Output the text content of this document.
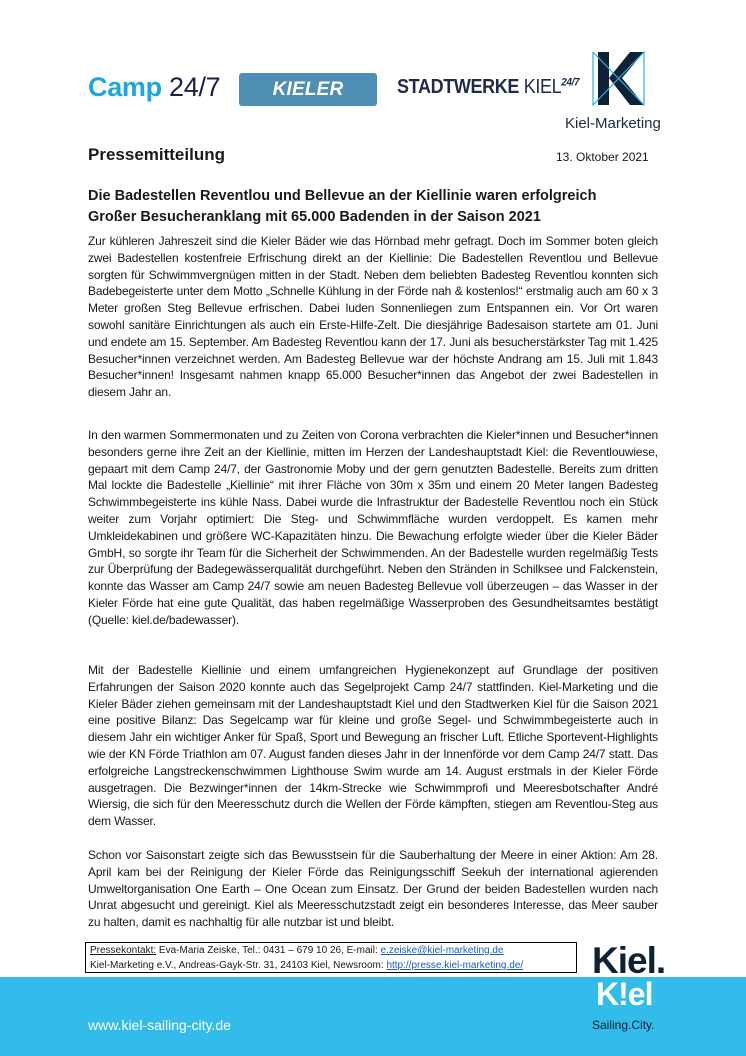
Camp 24/7	KIELER BÄDER
STADTWERKE $KIEL^{24/7}$
Kiel-Marketing
Pressemitteilung	13. Oktober 2021
Die Badestellen Reventlou und Bellevue an der Kiellinie waren erfolgreich
Großer Besucheranklang mit 65.000 Badenden in der Saison 2021

Zur kühleren Jahreszeit sind die Kieler Bäder wie das Hörnbad mehr gefragt. Doch im Sommer boten gleich zwei Badestellen kostenfreie Erfrischung direkt an der Kiellinie: Die Badestellen Reventlou und Bellevue sorgten für Schwimmvergnügen mitten in der Stadt. Neben dem beliebten Badesteg Reventlou konnten sich Badebegeisterte unter dem Motto „Schnelle Kühlung in der Förde nah & kostenlos!“ erstmalig auch am 60 x 3 Meter großen Steg Bellevue erfrischen. Dabei luden Sonnenliegen zum Entspannen ein. Vor Ort waren sowohl sanitäre Einrichtungen als auch ein Erste-Hilfe-Zelt. Die diesjährige Badesaison startete am 01. Juni und endete am 15. September. Am Badesteg Reventlou kann der 17. Juni als besucherstärkster Tag mit 1.425 Besucher*innen verzeichnet werden. Am Badesteg Bellevue war der höchste Andrang am 15. Juli mit 1.843 Besucher*innen! Insgesamt nahmen knapp 65.000 Besucher*innen das Angebot der zwei Badestellen in diesem Jahr an.

In den warmen Sommermonaten und zu Zeiten von Corona verbrachten die Kieler*innen und Besucher*innen besonders gerne ihre Zeit an der Kiellinie, mitten im Herzen der Landeshauptstadt Kiel: die Reventlouwiese, gepaart mit dem Camp 24/7, der Gastronomie Moby und der gern genutzten Badestelle. Bereits zum dritten Mal lockte die Badestelle „Kiellinie“ mit ihrer Fläche von 30m x 35m und einem 20 Meter langen Badesteg Schwimmbegeisterte ins kühle Nass. Dabei wurde die Infrastruktur der Badestelle Reventlou noch ein Stück weiter zum Vorjahr optimiert: Die Steg- und Schwimmfläche wurden verdoppelt. Es kamen mehr Umkleidekabinen und größere WC-Kapazitäten hinzu. Die Bewachung erfolgte wieder über die Kieler Bäder GmbH, so sorgte ihr Team für die Sicherheit der Schwimmenden. An der Badestelle wurden regelmäßig Tests zur Überprüfung der Badegewässerqualität durchgeführt. Neben den Stränden in Schilksee und Falckenstein, konnte das Wasser am Camp 24/7 sowie am neuen Badesteg Bellevue voll überzeugen – das Wasser in der Kieler Förde hat eine gute Qualität, das haben regelmäßige Wasserproben des Gesundheitsamtes bestätigt (Quelle: kiel.de/badewasser).

Mit der Badestelle Kiellinie und einem umfangreichen Hygienekonzept auf Grundlage der positiven Erfahrungen der Saison 2020 konnte auch das Segelprojekt Camp 24/7 stattfinden. Kiel-Marketing und die Kieler Bäder ziehen gemeinsam mit der Landeshauptstadt Kiel und den Stadtwerken Kiel für die Saison 2021 eine positive Bilanz: Das Segelcamp war für kleine und große Segel- und Schwimmbegeisterte auch in diesem Jahr ein wichtiger Anker für Spaß, Sport und Bewegung an frischer Luft. Etliche Sportevent-Highlights wie der KN Förde Triathlon am 07. August fanden dieses Jahr in der Innenförde vor dem Camp 24/7 statt. Das erfolgreiche Langstreckenschwimmen Lighthouse Swim wurde am 14. August erstmals in der Kieler Förde ausgetragen. Die Bezwinger*innen der 14km-Strecke wie Schwimmprofi und Meeresbotschafter André Wiersig, die sich für den Meeresschutz durch die Wellen der Förde kämpften, stiegen am Reventlou-Steg aus dem Wasser.

Schon vor Saisonstart zeigte sich das Bewusstsein für die Sauberhaltung der Meere in einer Aktion: Am 28. April kam bei der Reinigung der Kieler Förde das Reinigungsschiff Seekuh der international agierenden Umweltorganisation One Earth – One Ocean zum Einsatz. Der Grund der beiden Badestellen wurden nach Unrat abgesucht und gereinigt. Kiel als Meeresschutzstadt zeigt ein besonderes Interesse, das Meer sauber zu halten, damit es nachhaltig für alle nutzbar ist und bleibt.

Pressekontakt: Eva-Maria Zeiske, Tel.: 0431 – 679 10 26, E-mail: e.zeiske@kiel-marketing.de
Kiel-Marketing e.V., Andreas-Gayk-Str. 31, 24103 Kiel, Newsroom: http://presse.kiel-marketing.de/
www.kiel-sailing-city.de
Kiel.
K!el
Sailing.City.
